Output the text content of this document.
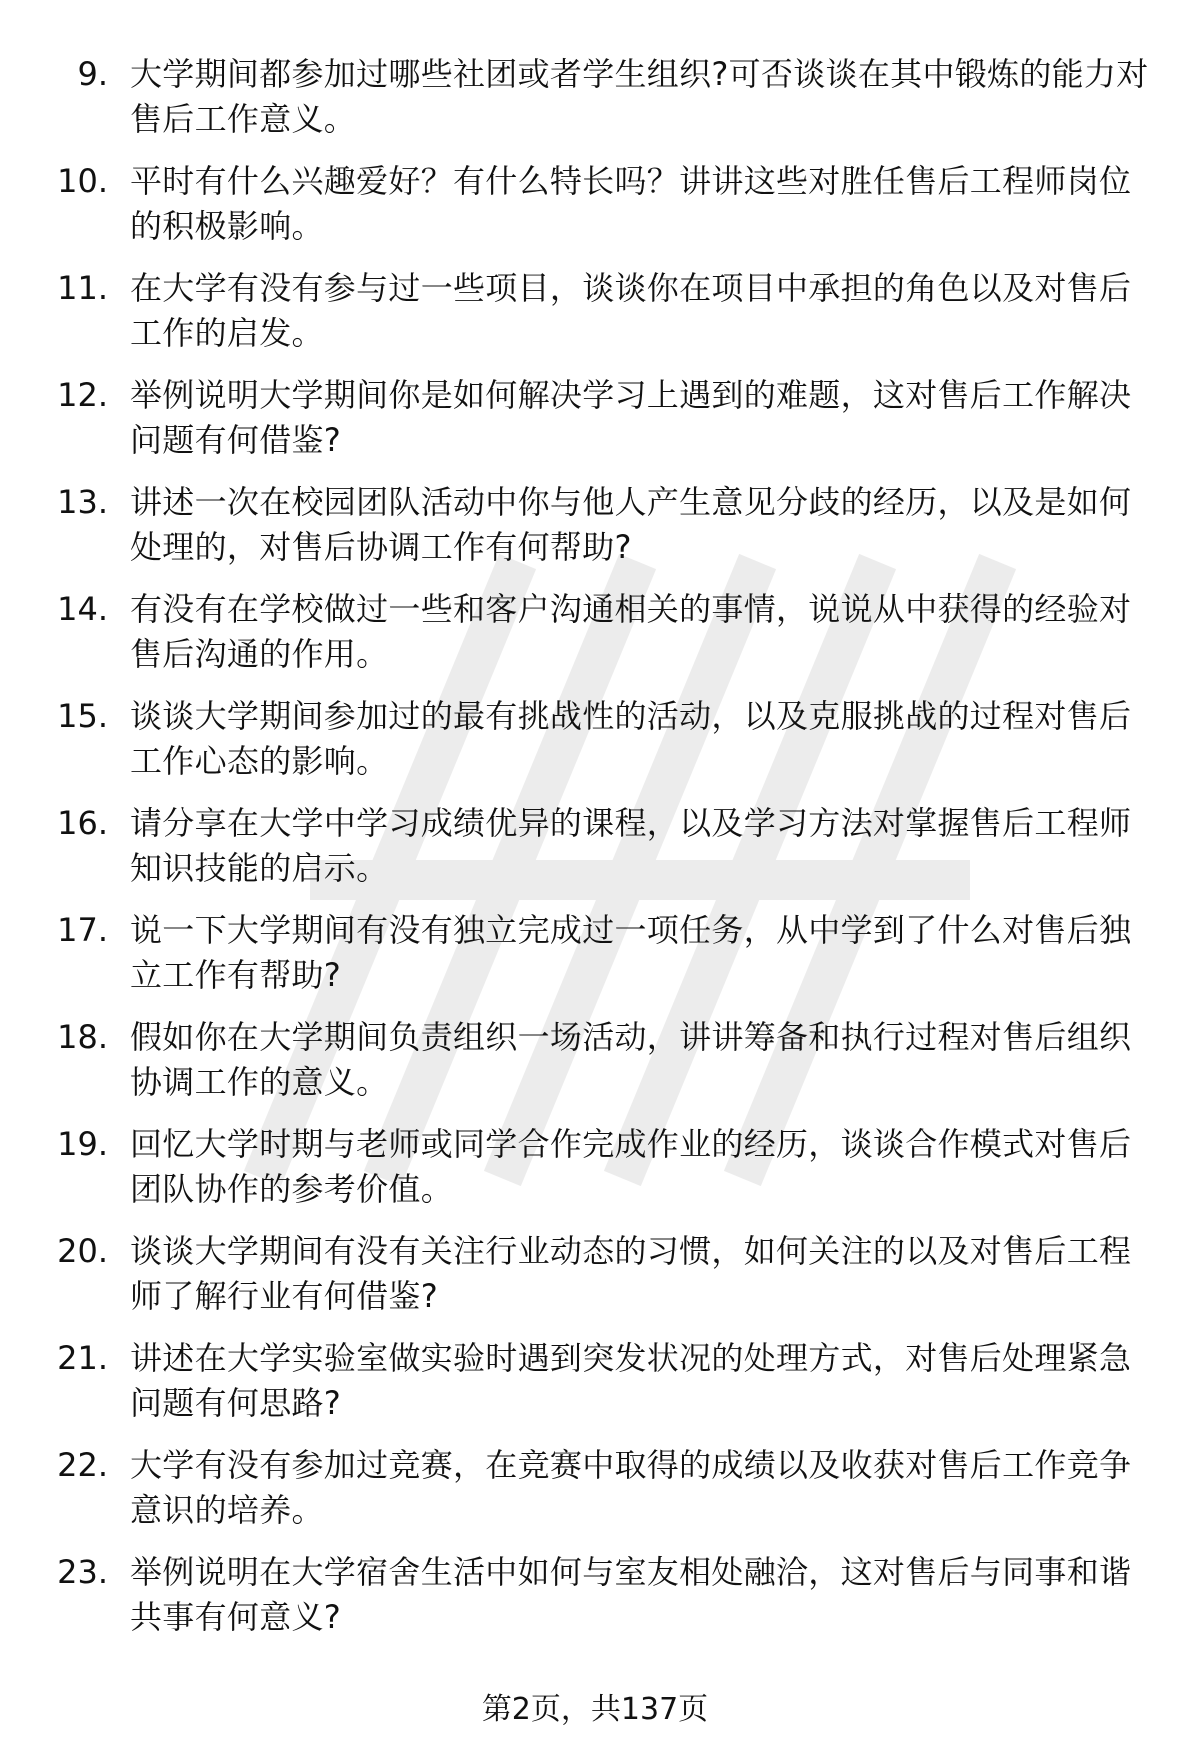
9. 大学期间都参加过哪些社团或者学生组织?可否谈谈在其中锻炼的能力对售后工作意义。
10. 平时有什么兴趣爱好？有什么特长吗？讲讲这些对胜任售后工程师岗位的积极影响。
11. 在大学有没有参与过一些项目，谈谈你在项目中承担的角色以及对售后工作的启发。
12. 举例说明大学期间你是如何解决学习上遇到的难题，这对售后工作解决问题有何借鉴?
13. 讲述一次在校园团队活动中你与他人产生意见分歧的经历，以及是如何处理的，对售后协调工作有何帮助?
14. 有没有在学校做过一些和客户沟通相关的事情，说说从中获得的经验对售后沟通的作用。
15. 谈谈大学期间参加过的最有挑战性的活动，以及克服挑战的过程对售后工作心态的影响。
16. 请分享在大学中学习成绩优异的课程，以及学习方法对掌握售后工程师知识技能的启示。
17. 说一下大学期间有没有独立完成过一项任务，从中学到了什么对售后独立工作有帮助?
18. 假如你在大学期间负责组织一场活动，讲讲筹备和执行过程对售后组织协调工作的意义。
19. 回忆大学时期与老师或同学合作完成作业的经历，谈谈合作模式对售后团队协作的参考价值。
20. 谈谈大学期间有没有关注行业动态的习惯，如何关注的以及对售后工程师了解行业有何借鉴?
21. 讲述在大学实验室做实验时遇到突发状况的处理方式，对售后处理紧急问题有何思路?
22. 大学有没有参加过竞赛，在竞赛中取得的成绩以及收获对售后工作竞争意识的培养。
23. 举例说明在大学宿舍生活中如何与室友相处融洽，这对售后与同事和谐共事有何意义?
第2页，共137页
